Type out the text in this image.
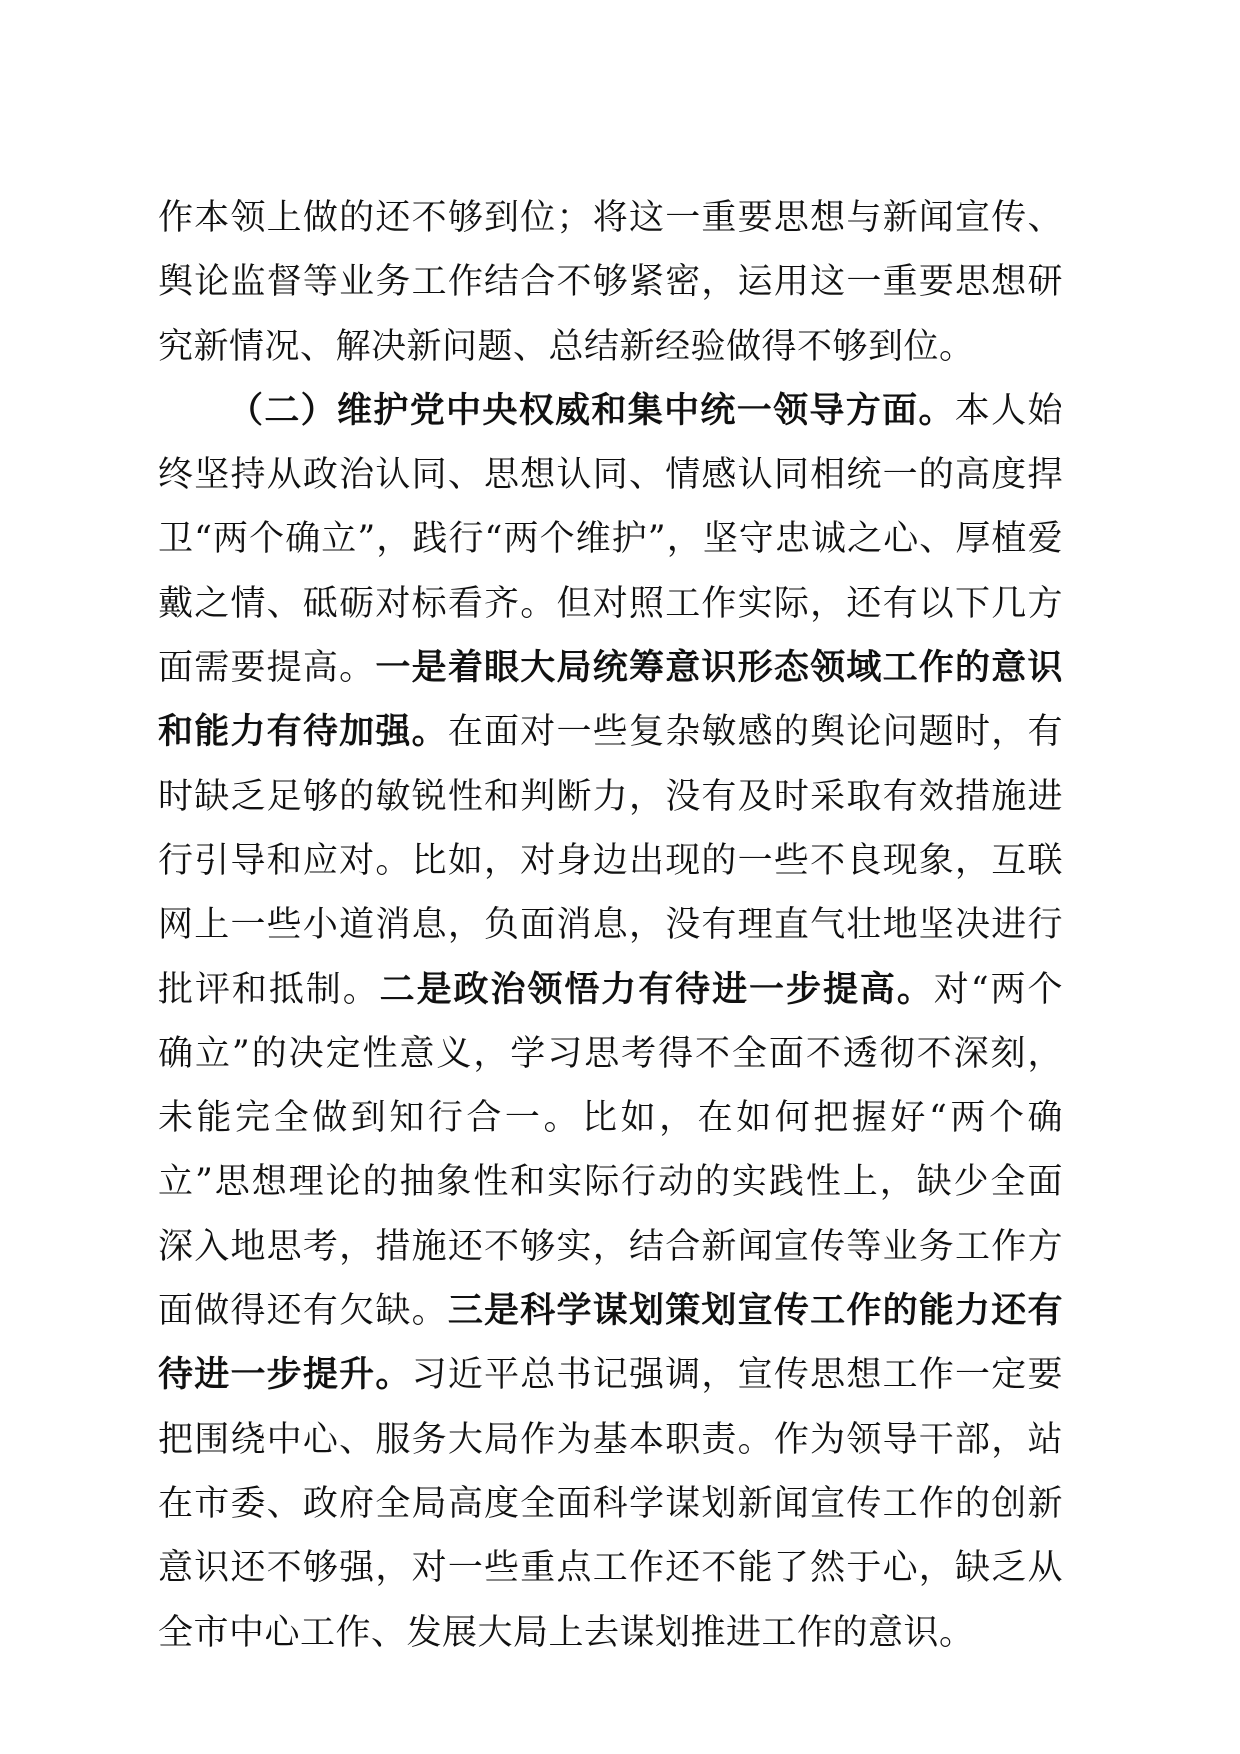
作本领上做的还不够到位；将这一重要思想与新闻宣传、舆论监督等业务工作结合不够紧密，运用这一重要思想研究新情况、解决新问题、总结新经验做得不够到位。

（二）维护党中央权威和集中统一领导方面。本人始终坚持从政治认同、思想认同、情感认同相统一的高度捍卫“两个确立”，践行“两个维护”，坚守忠诚之心、厚植爱戴之情、砥砺对标看齐。但对照工作实际，还有以下几方面需要提高。一是着眼大局统筹意识形态领域工作的意识和能力有待加强。在面对一些复杂敏感的舆论问题时，有时缺乏足够的敏锐性和判断力，没有及时采取有效措施进行引导和应对。比如，对身边出现的一些不良现象，互联网上一些小道消息，负面消息，没有理直气壮地坚决进行批评和抵制。二是政治领悟力有待进一步提高。对“两个确立”的决定性意义，学习思考得不全面不透彻不深刻，未能完全做到知行合一。比如，在如何把握好“两个确立”思想理论的抽象性和实际行动的实践性上，缺少全面深入地思考，措施还不够实，结合新闻宣传等业务工作方面做得还有欠缺。三是科学谋划策划宣传工作的能力还有待进一步提升。习近平总书记强调，宣传思想工作一定要把围绕中心、服务大局作为基本职责。作为领导干部，站在市委、政府全局高度全面科学谋划新闻宣传工作的创新意识还不够强，对一些重点工作还不能了然于心，缺乏从全市中心工作、发展大局上去谋划推进工作的意识。
